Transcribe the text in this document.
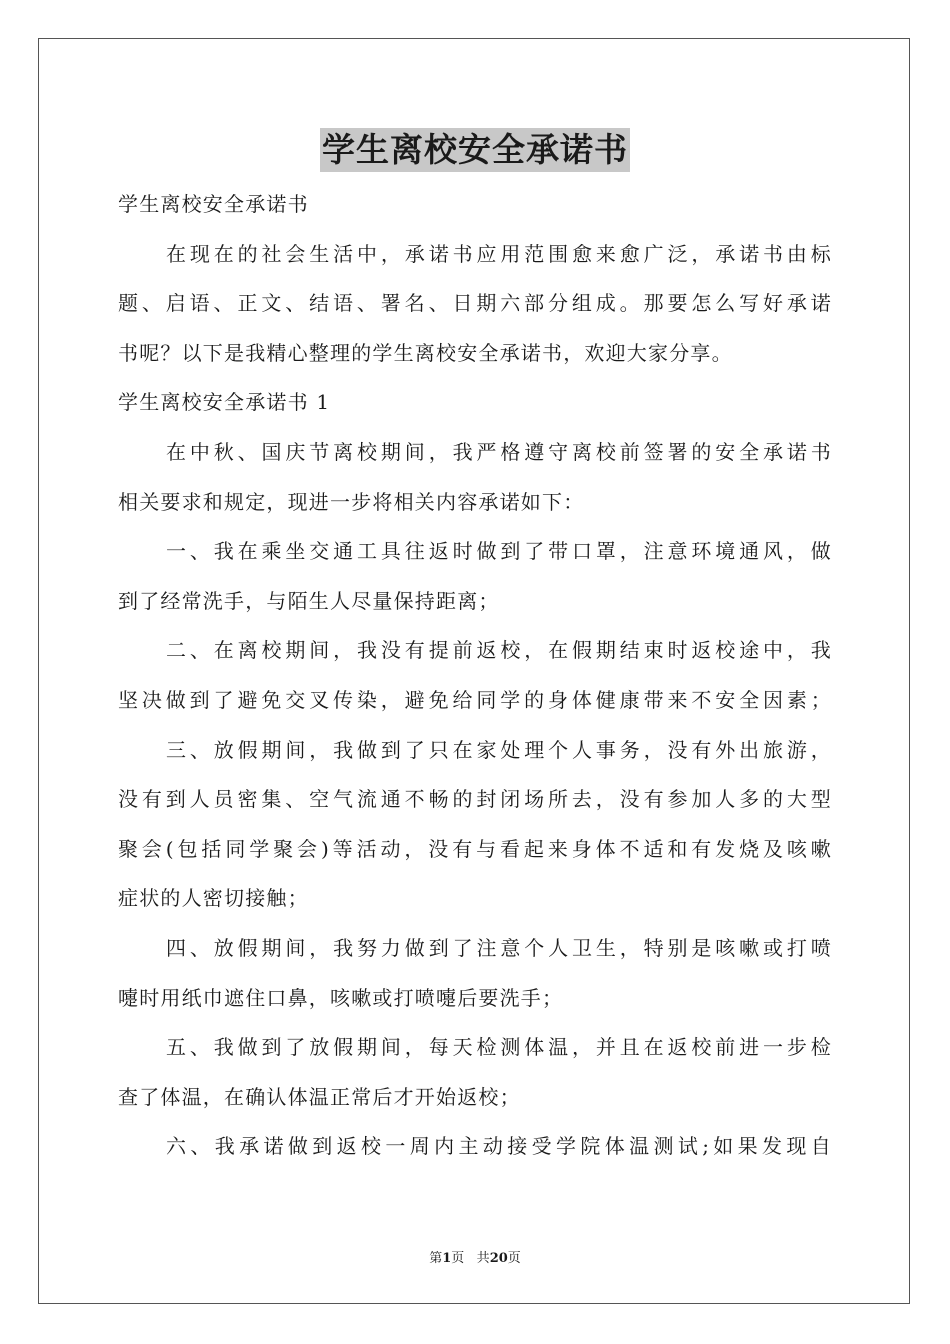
学生离校安全承诺书
学生离校安全承诺书
在现在的社会生活中，承诺书应用范围愈来愈广泛，承诺书由标
题、启语、正文、结语、署名、日期六部分组成。那要怎么写好承诺
书呢？以下是我精心整理的学生离校安全承诺书，欢迎大家分享。
学生离校安全承诺书 1
在中秋、国庆节离校期间，我严格遵守离校前签署的安全承诺书
相关要求和规定，现进一步将相关内容承诺如下：
一、我在乘坐交通工具往返时做到了带口罩，注意环境通风，做
到了经常洗手，与陌生人尽量保持距离；
二、在离校期间，我没有提前返校，在假期结束时返校途中，我
坚决做到了避免交叉传染，避免给同学的身体健康带来不安全因素；
三、放假期间，我做到了只在家处理个人事务，没有外出旅游，
没有到人员密集、空气流通不畅的封闭场所去，没有参加人多的大型
聚会(包括同学聚会)等活动，没有与看起来身体不适和有发烧及咳嗽
症状的人密切接触；
四、放假期间，我努力做到了注意个人卫生，特别是咳嗽或打喷
嚏时用纸巾遮住口鼻，咳嗽或打喷嚏后要洗手；
五、我做到了放假期间，每天检测体温，并且在返校前进一步检
查了体温，在确认体温正常后才开始返校；
六、我承诺做到返校一周内主动接受学院体温测试;如果发现自
第1页 共20页
